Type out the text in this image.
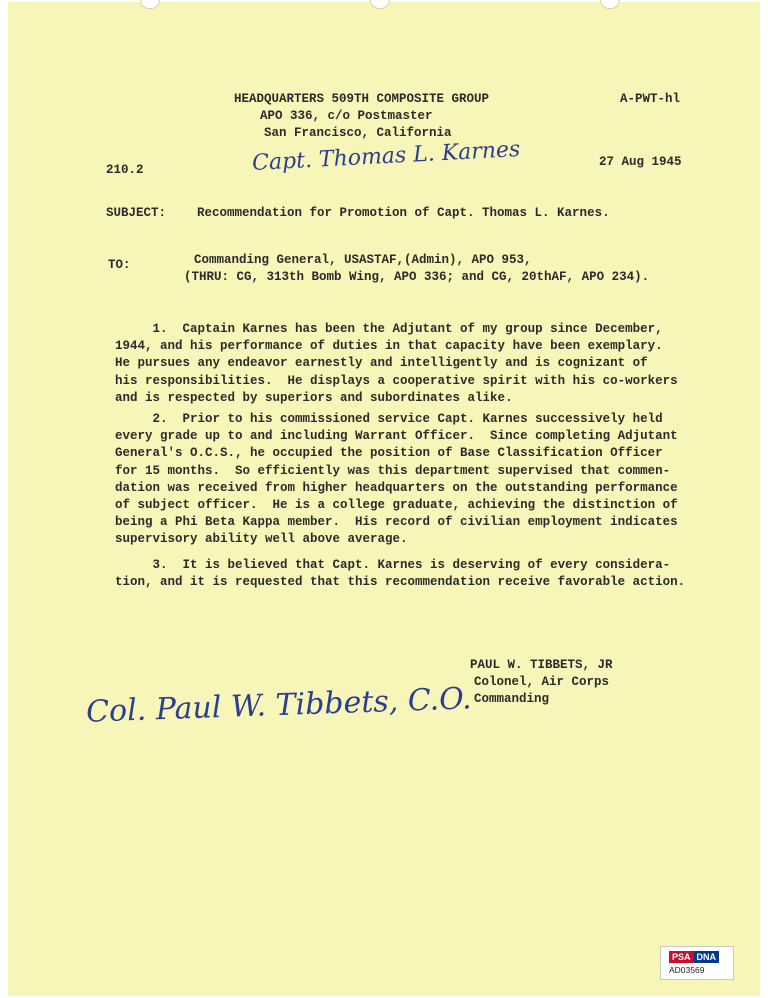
HEADQUARTERS 509TH COMPOSITE GROUP
APO 336, c/o Postmaster
San Francisco, California
A-PWT-hl
210.2	Capt. Thomas L. Karnes	27 Aug 1945
SUBJECT: Recommendation for Promotion of Capt. Thomas L. Karnes.
TO:	Commanding General, USASTAF,(Admin), APO 953,
(THRU: CG, 313th Bomb Wing, APO 336; and CG, 20thAF, APO 234).
1.  Captain Karnes has been the Adjutant of my group since December,
1944, and his performance of duties in that capacity have been exemplary.
He pursues any endeavor earnestly and intelligently and is cognizant of
his responsibilities.  He displays a cooperative spirit with his co-workers
and is respected by superiors and subordinates alike.
2.  Prior to his commissioned service Capt. Karnes successively held
every grade up to and including Warrant Officer.  Since completing Adjutant
General's O.C.S., he occupied the position of Base Classification Officer
for 15 months.  So efficiently was this department supervised that commen-
dation was received from higher headquarters on the outstanding performance
of subject officer.  He is a college graduate, achieving the distinction of
being a Phi Beta Kappa member.  His record of civilian employment indicates
supervisory ability well above average.
3.  It is believed that Capt. Karnes is deserving of every considera-
tion, and it is requested that this recommendation receive favorable action.
PAUL W. TIBBETS, JR
Colonel, Air Corps
Commanding
Col. Paul W. Tibbets, C.O.
PSA DNA
AD03569
